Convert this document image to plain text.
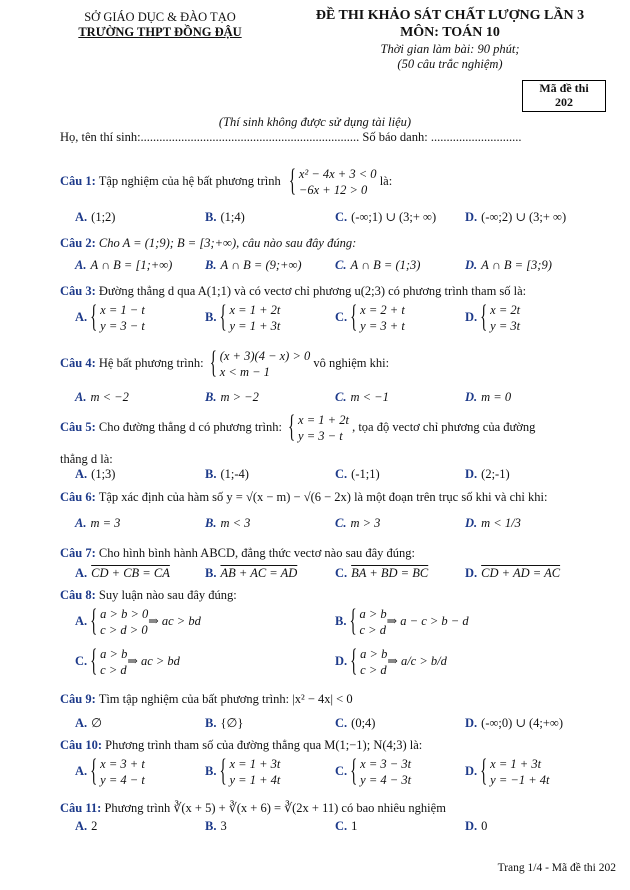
SỞ GIÁO DỤC & ĐÀO TẠO
TRƯỜNG THPT ĐỒNG ĐẬU
ĐỀ THI KHẢO SÁT CHẤT LƯỢNG LẦN 3
MÔN: TOÁN 10
Thời gian làm bài: 90 phút;
(50 câu trắc nghiệm)
Mã đề thi
202
(Thí sinh không được sử dụng tài liệu)
Họ, tên thí sinh:...................................................................... Số báo danh: .............................
Câu 1: Tập nghiệm của hệ bất phương trình { x² − 4x + 3 < 0
−6x + 12 > 0
là:
A. (1;2)	B. (1;4)	C. (-∞;1) ∪ (3;+ ∞) D. (-∞;2) ∪ (3;+ ∞)
Câu 2: Cho A = (1;9); B = [3;+∞), câu nào sau đây đúng:
A. A ∩ B = [1;+∞)	B. A ∩ B = (9;+∞)	C. A ∩ B = (1;3)	D. A ∩ B = [3;9)
Câu 3: Đường thẳng d qua A(1;1) và có vectơ chỉ phương u(2;3) có phương trình tham số là:
A. { x = 1 − t
y = 3 − t
B. { x = 1 + 2t
y = 1 + 3t
C. { x = 2 + t
y = 3 + t
D. { x = 2t
y = 3t
Câu 4: Hệ bất phương trình: { (x + 3)(4 − x) > 0
x < m − 1
vô nghiệm khi:
A. m < −2	B. m > −2	C. m < −1	D. m = 0
Câu 5: Cho đường thẳng d có phương trình: { x = 1 + 2t
y = 3 − t
, tọa độ vectơ chỉ phương của đường
thẳng d là:
A. (1;3)	B. (1;-4)	C. (-1;1)	D. (2;-1)
Câu 6: Tập xác định của hàm số y = √(x − m) − √(6 − 2x) là một đoạn trên trục số khi và chỉ khi:
A. m = 3	B. m < 3	C. m > 3	D. m < 1/3
Câu 7: Cho hình bình hành ABCD, đẳng thức vectơ nào sau đây đúng:
A. CD + CB = CA	B. AB + AC = AD	C. BA + BD = BC	D. CD + AD = AC
Câu 8: Suy luận nào sau đây đúng:
A. { a > b > 0
c > d > 0
⇒ ac > bd	B. { a > b
c > d
⇒ a − c > b − d
C. { a > b
c > d
⇒ ac > bd	D. { a > b
c > d
⇒ a/c > b/d
Câu 9: Tìm tập nghiệm của bất phương trình: |x² − 4x| < 0
A. ∅	B. {∅}	C. (0;4)	D. (-∞;0) ∪ (4;+∞)
Câu 10: Phương trình tham số của đường thẳng qua M(1;−1); N(4;3) là:
A. { x = 3 + t
y = 4 − t
B. { x = 1 + 3t
y = 1 + 4t
C. { x = 3 − 3t
y = 4 − 3t
D. { x = 1 + 3t
y = −1 + 4t
Câu 11: Phương trình ∛(x + 5) + ∛(x + 6) = ∛(2x + 11) có bao nhiêu nghiệm
A. 2	B. 3	C. 1	D. 0
Trang 1/4 - Mã đề thi 202
